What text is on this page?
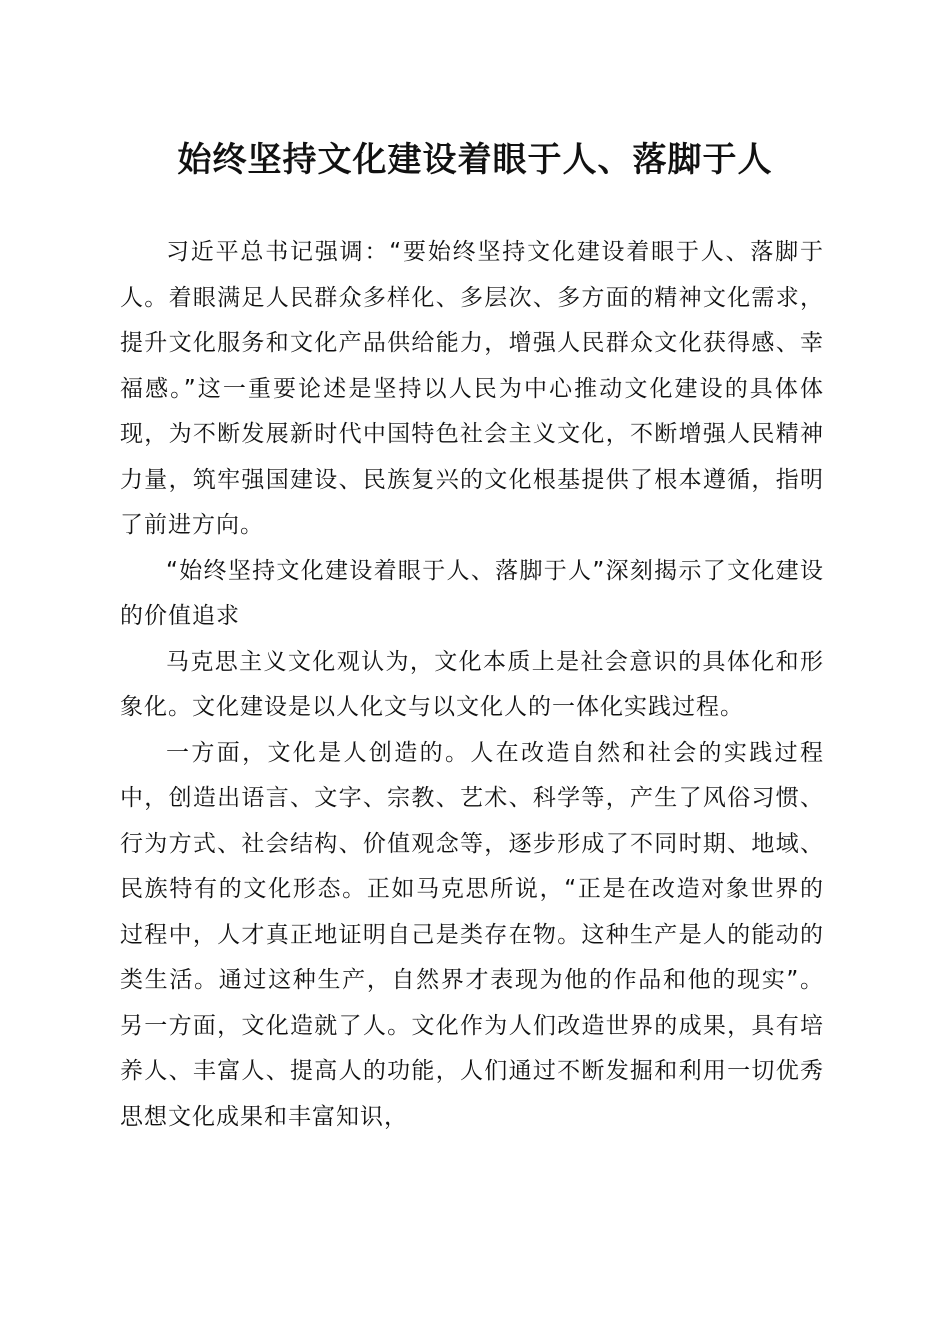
始终坚持文化建设着眼于人、落脚于人

习近平总书记强调：“要始终坚持文化建设着眼于人、落脚于人。着眼满足人民群众多样化、多层次、多方面的精神文化需求，提升文化服务和文化产品供给能力，增强人民群众文化获得感、幸福感。”这一重要论述是坚持以人民为中心推动文化建设的具体体现，为不断发展新时代中国特色社会主义文化，不断增强人民精神力量，筑牢强国建设、民族复兴的文化根基提供了根本遵循，指明了前进方向。

“始终坚持文化建设着眼于人、落脚于人”深刻揭示了文化建设的价值追求

马克思主义文化观认为，文化本质上是社会意识的具体化和形象化。文化建设是以人化文与以文化人的一体化实践过程。

一方面，文化是人创造的。人在改造自然和社会的实践过程中，创造出语言、文字、宗教、艺术、科学等，产生了风俗习惯、行为方式、社会结构、价值观念等，逐步形成了不同时期、地域、民族特有的文化形态。正如马克思所说，“正是在改造对象世界的过程中，人才真正地证明自己是类存在物。这种生产是人的能动的类生活。通过这种生产，自然界才表现为他的作品和他的现实”。另一方面，文化造就了人。文化作为人们改造世界的成果，具有培养人、丰富人、提高人的功能，人们通过不断发掘和利用一切优秀思想文化成果和丰富知识，
